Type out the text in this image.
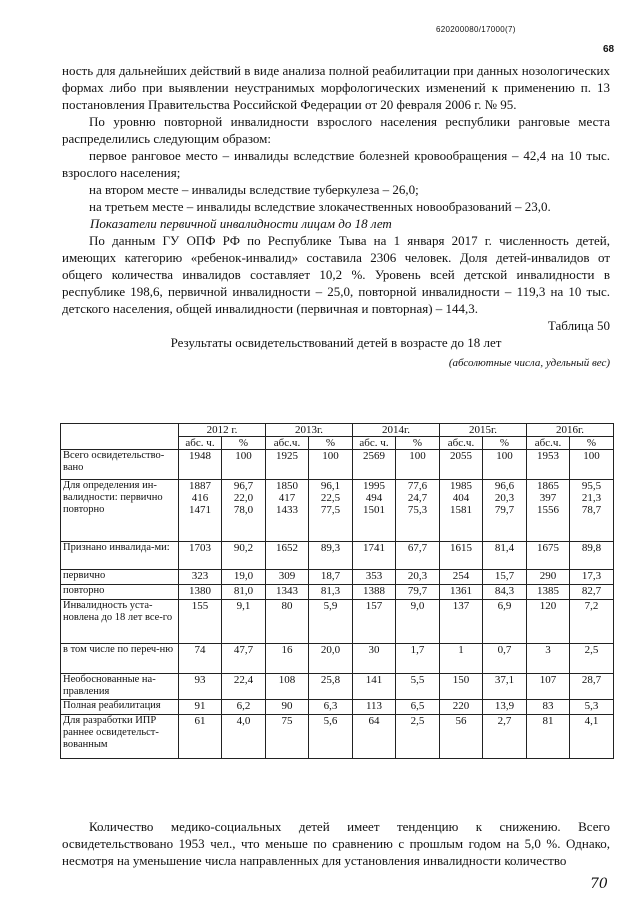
620200080/17000(7)
68

ность для дальнейших действий в виде анализа полной реабилитации при данных нозологических формах либо при выявлении неустранимых морфологических изменений к применению п. 13 постановления Правительства Российской Федерации от 20 февраля 2006 г. № 95.

По уровню повторной инвалидности взрослого населения республики ранговые места распределились следующим образом:

первое ранговое место – инвалиды вследствие болезней кровообращения – 42,4 на 10 тыс. взрослого населения;

на втором месте – инвалиды вследствие туберкулеза – 26,0;

на третьем месте – инвалиды вследствие злокачественных новообразований – 23,0.

Показатели первичной инвалидности лицам до 18 лет

По данным ГУ ОПФ РФ по Республике Тыва на 1 января 2017 г. численность детей, имеющих категорию «ребенок-инвалид» составила 2306 человек. Доля детей-инвалидов от общего количества инвалидов составляет 10,2 %. Уровень всей детской инвалидности в республике 198,6, первичной инвалидности – 25,0, повторной инвалидности – 119,3 на 10 тыс. детского населения, общей инвалидности (первичная и повторная) – 144,3.

Таблица 50

Результаты освидетельствований детей в возрасте до 18 лет

(абсолютные числа, удельный вес)

	2012 г.		2013г.		2014г.		2015г.		2016г.	
	абс. ч.	%	абс.ч.	%	абс. ч.	%	абс.ч.	%	абс.ч.	%
Всего освидетельство-вано	1948	100	1925	100	2569	100	2055	100	1953	100
Для определения ин-валидности: первично повторно	1887 416 1471	96,7 22,0 78,0	1850 417 1433	96,1 22,5 77,5	1995 494 1501	77,6 24,7 75,3	1985 404 1581	96,6 20,3 79,7	1865 397 1556	95,5 21,3 78,7
Признано инвалида-ми:	1703	90,2	1652	89,3	1741	67,7	1615	81,4	1675	89,8
первично	323	19,0	309	18,7	353	20,3	254	15,7	290	17,3
повторно	1380	81,0	1343	81,3	1388	79,7	1361	84,3	1385	82,7
Инвалидность уста-новлена до 18 лет все-го	155	9,1	80	5,9	157	9,0	137	6,9	120	7,2
в том числе по переч-ню	74	47,7	16	20,0	30	1,7	1	0,7	3	2,5
Необоснованные на-правления	93	22,4	108	25,8	141	5,5	150	37,1	107	28,7
Полная реабилитация	91	6,2	90	6,3	113	6,5	220	13,9	83	5,3
Для разработки ИПР раннее освидетельст-вованным	61	4,0	75	5,6	64	2,5	56	2,7	81	4,1

Количество медико-социальных детей имеет тенденцию к снижению. Всего освидетельствовано 1953 чел., что меньше по сравнению с прошлым годом на 5,0 %. Однако, несмотря на уменьшение числа направленных для установления инвалидности количество

70
